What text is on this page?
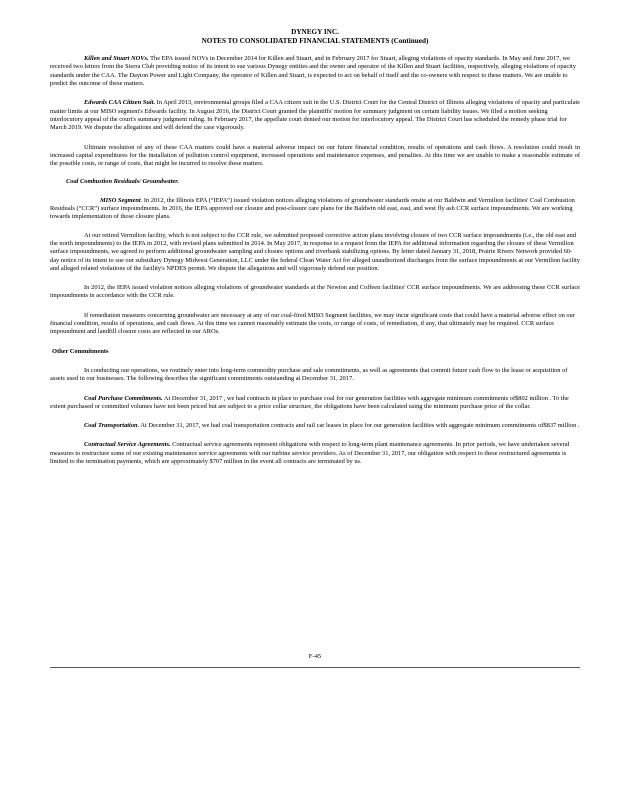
DYNEGY INC.
NOTES TO CONSOLIDATED FINANCIAL STATEMENTS (Continued)

Killen and Stuart NOVs. The EPA issued NOVs in December 2014 for Killen and Stuart, and in February 2017 for Stuart, alleging violations of opacity standards. In May and June 2017, we received two letters from the Sierra Club providing notice of its intent to sue various Dynegy entities and the owner and operator of the Killen and Stuart facilities, respectively, alleging violations of opacity standards under the CAA. The Dayton Power and Light Company, the operator of Killen and Stuart, is expected to act on behalf of itself and the co-owners with respect to these matters. We are unable to predict the outcome of these matters.

Edwards CAA Citizen Suit. In April 2013, environmental groups filed a CAA citizen suit in the U.S. District Court for the Central District of Illinois alleging violations of opacity and particulate matter limits at our MISO segment's Edwards facility. In August 2016, the District Court granted the plaintiffs' motion for summary judgment on certain liability issues. We filed a motion seeking interlocutory appeal of the court's summary judgment ruling. In February 2017, the appellate court denied our motion for interlocutory appeal. The District Court has scheduled the remedy phase trial for March 2019. We dispute the allegations and will defend the case vigorously.

Ultimate resolution of any of these CAA matters could have a material adverse impact on our future financial condition, results of operations and cash flows. A resolution could result in increased capital expenditures for the installation of pollution control equipment, increased operations and maintenance expenses, and penalties. At this time we are unable to make a reasonable estimate of the possible costs, or range of costs, that might be incurred to resolve these matters.

Coal Combustion Residuals/ Groundwater.

MISO Segment. In 2012, the Illinois EPA (“IEPA”) issued violation notices alleging violations of groundwater standards onsite at our Baldwin and Vermilion facilities' Coal Combustion Residuals (“CCR”) surface impoundments. In 2016, the IEPA approved our closure and post-closure care plans for the Baldwin old east, east, and west fly ash CCR surface impoundments. We are working towards implementation of those closure plans.

At our retired Vermilion facility, which is not subject to the CCR rule, we submitted proposed corrective action plans involving closure of two CCR surface impoundments (i.e., the old east and the north impoundments) to the IEPA in 2012, with revised plans submitted in 2014. In May 2017, in response to a request from the IEPA for additional information regarding the closure of these Vermilion surface impoundments, we agreed to perform additional groundwater sampling and closure options and riverbank stabilizing options. By letter dated January 31, 2018, Prairie Rivers Network provided 60-day notice of its intent to sue our subsidiary Dynegy Midwest Generation, LLC under the federal Clean Water Act for alleged unauthorized discharges from the surface impoundments at our Vermilion facility and alleged related violations of the facility's NPDES permit. We dispute the allegations and will vigorously defend our position.

In 2012, the IEPA issued violation notices alleging violations of groundwater standards at the Newton and Coffeen facilities' CCR surface impoundments. We are addressing these CCR surface impoundments in accordance with the CCR rule.

If remediation measures concerning groundwater are necessary at any of our coal-fired MISO Segment facilities, we may incur significant costs that could have a material adverse effect on our financial condition, results of operations, and cash flows. At this time we cannot reasonably estimate the costs, or range of costs, of remediation, if any, that ultimately may be required. CCR surface impoundment and landfill closure costs are reflected in our AROs.

Other Commitments

In conducting our operations, we routinely enter into long-term commodity purchase and sale commitments, as well as agreements that commit future cash flow to the lease or acquisition of assets used in our businesses. The following describes the significant commitments outstanding at December 31, 2017.

Coal Purchase Commitments. At December 31, 2017 , we had contracts in place to purchase coal for our generation facilities with aggregate minimum commitments of$802 million . To the extent purchased or committed volumes have not been priced but are subject to a price collar structure, the obligations have been calculated using the minimum purchase price of the collar.

Coal Transportation. At December 31, 2017, we had coal transportation contracts and rail car leases in place for our generation facilities with aggregate minimum commitments of$837 million .

Contractual Service Agreements. Contractual service agreements represent obligations with respect to long-term plant maintenance agreements. In prior periods, we have undertaken several measures to restructure some of our existing maintenance service agreements with our turbine service providers. As of December 31, 2017, our obligation with respect to these restructured agreements is limited to the termination payments, which are approximately $707 million in the event all contracts are terminated by us.

F-45
